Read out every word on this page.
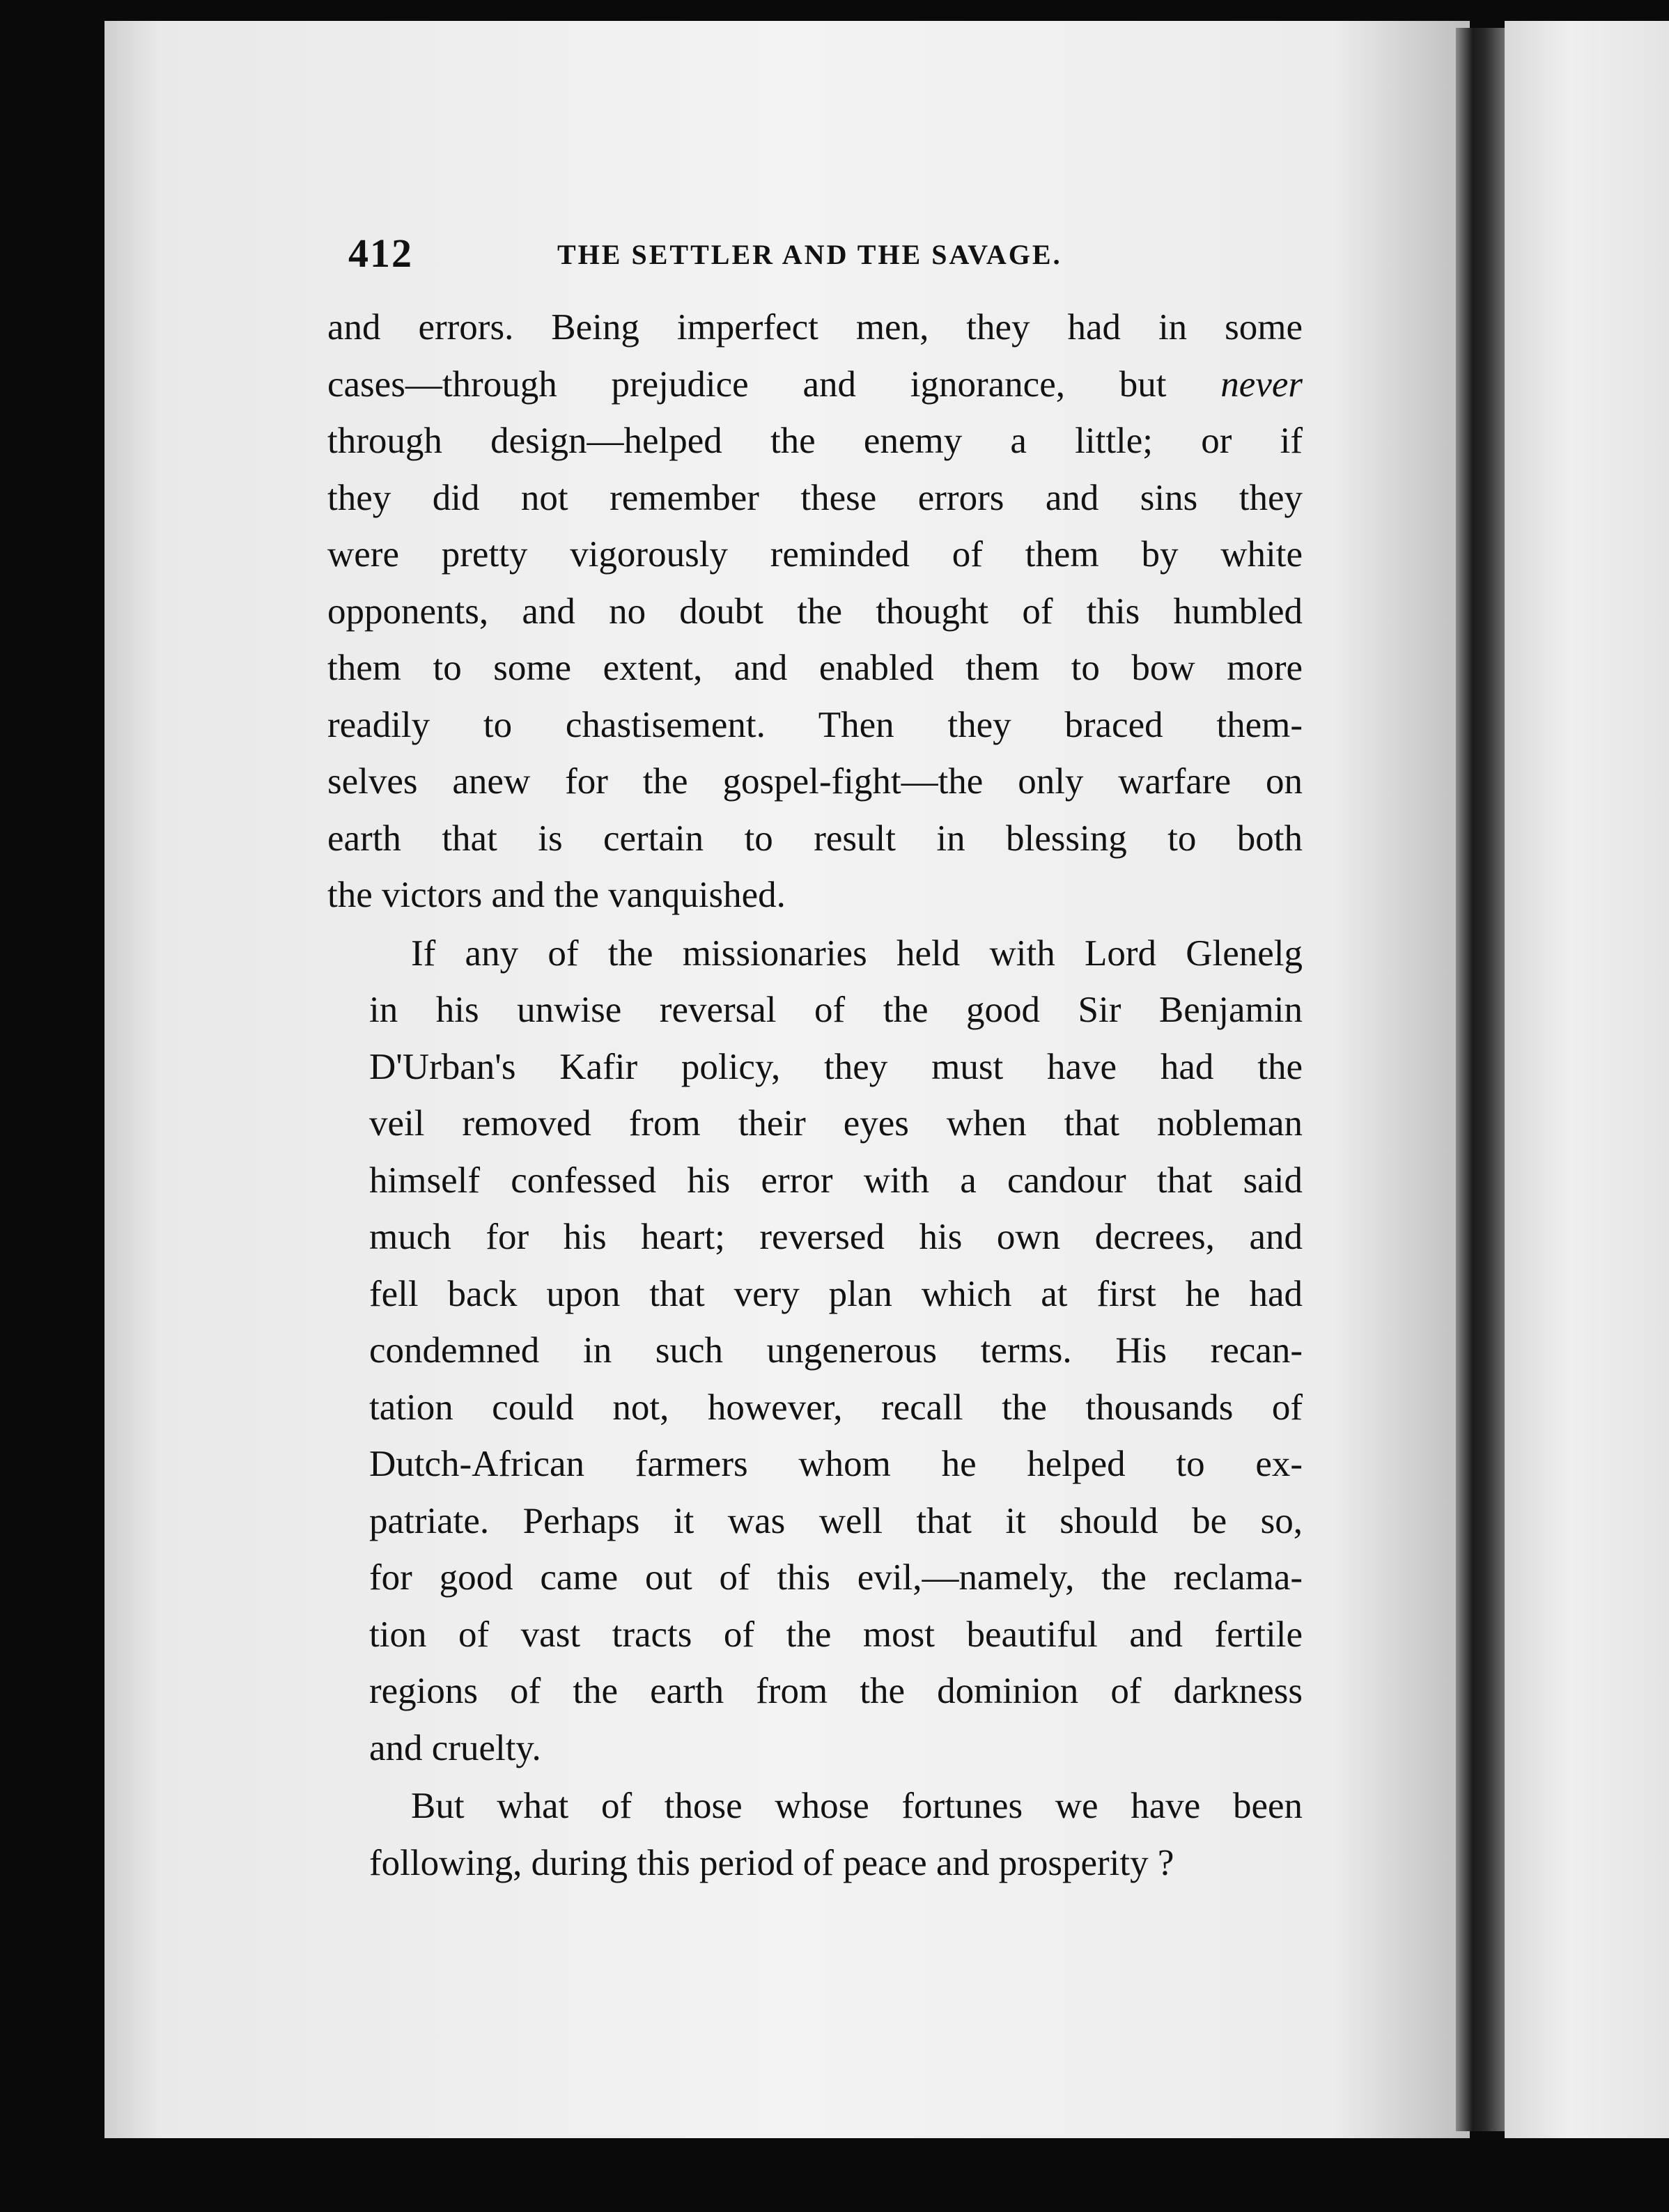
412	THE SETTLER AND THE SAVAGE.
and errors. Being imperfect men, they had in some
cases—through prejudice and ignorance, but never
through design—helped the enemy a little; or if
they did not remember these errors and sins they
were pretty vigorously reminded of them by white
opponents, and no doubt the thought of this humbled
them to some extent, and enabled them to bow more
readily to chastisement. Then they braced them-
selves anew for the gospel-fight—the only warfare on
earth that is certain to result in blessing to both
the victors and the vanquished.
If any of the missionaries held with Lord Glenelg
in his unwise reversal of the good Sir Benjamin
D'Urban's Kafir policy, they must have had the
veil removed from their eyes when that nobleman
himself confessed his error with a candour that said
much for his heart; reversed his own decrees, and
fell back upon that very plan which at first he had
condemned in such ungenerous terms. His recan-
tation could not, however, recall the thousands of
Dutch-African farmers whom he helped to ex-
patriate. Perhaps it was well that it should be so,
for good came out of this evil,—namely, the reclama-
tion of vast tracts of the most beautiful and fertile
regions of the earth from the dominion of darkness
and cruelty.
But what of those whose fortunes we have been
following, during this period of peace and prosperity ?
